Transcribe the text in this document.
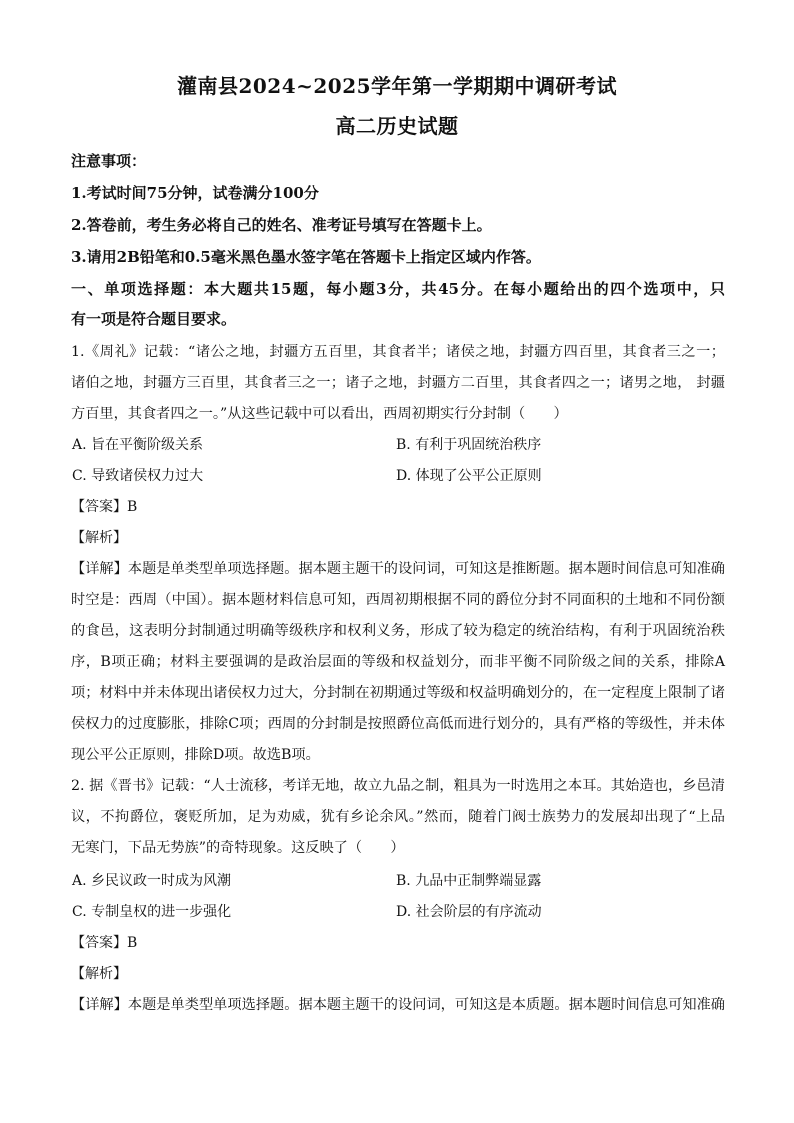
灌南县2024~2025学年第一学期期中调研考试
高二历史试题
注意事项：
1.考试时间75分钟，试卷满分100分
2.答卷前，考生务必将自己的姓名、准考证号填写在答题卡上。
3.请用2B铅笔和0.5毫米黑色墨水签字笔在答题卡上指定区域内作答。
一、单项选择题：本大题共15题，每小题3分，共45分。在每小题给出的四个选项中，只
有一项是符合题目要求。
1.《周礼》记载：“诸公之地，封疆方五百里，其食者半；诸侯之地，封疆方四百里，其食者三之一；
诸伯之地，封疆方三百里，其食者三之一；诸子之地，封疆方二百里，其食者四之一；诸男之地， 封疆
方百里，其食者四之一。”从这些记载中可以看出，西周初期实行分封制（　　）
A. 旨在平衡阶级关系	B. 有利于巩固统治秩序
C. 导致诸侯权力过大	D. 体现了公平公正原则
【答案】B
【解析】
【详解】本题是单类型单项选择题。据本题主题干的设问词，可知这是推断题。据本题时间信息可知准确
时空是：西周（中国）。据本题材料信息可知，西周初期根据不同的爵位分封不同面积的土地和不同份额
的食邑，这表明分封制通过明确等级秩序和权利义务，形成了较为稳定的统治结构，有利于巩固统治秩
序，B项正确；材料主要强调的是政治层面的等级和权益划分，而非平衡不同阶级之间的关系，排除A
项；材料中并未体现出诸侯权力过大，分封制在初期通过等级和权益明确划分的，在一定程度上限制了诸
侯权力的过度膨胀，排除C项；西周的分封制是按照爵位高低而进行划分的，具有严格的等级性，并未体
现公平公正原则，排除D项。故选B项。
2. 据《晋书》记载：“人士流移，考详无地，故立九品之制，粗具为一时选用之本耳。其始造也，乡邑清
议，不拘爵位，褒贬所加，足为劝威，犹有乡论余风。”然而，随着门阀士族势力的发展却出现了“上品
无寒门，下品无势族”的奇特现象。这反映了（　　）
A. 乡民议政一时成为风潮	B. 九品中正制弊端显露
C. 专制皇权的进一步强化	D. 社会阶层的有序流动
【答案】B
【解析】
【详解】本题是单类型单项选择题。据本题主题干的设问词，可知这是本质题。据本题时间信息可知准确
